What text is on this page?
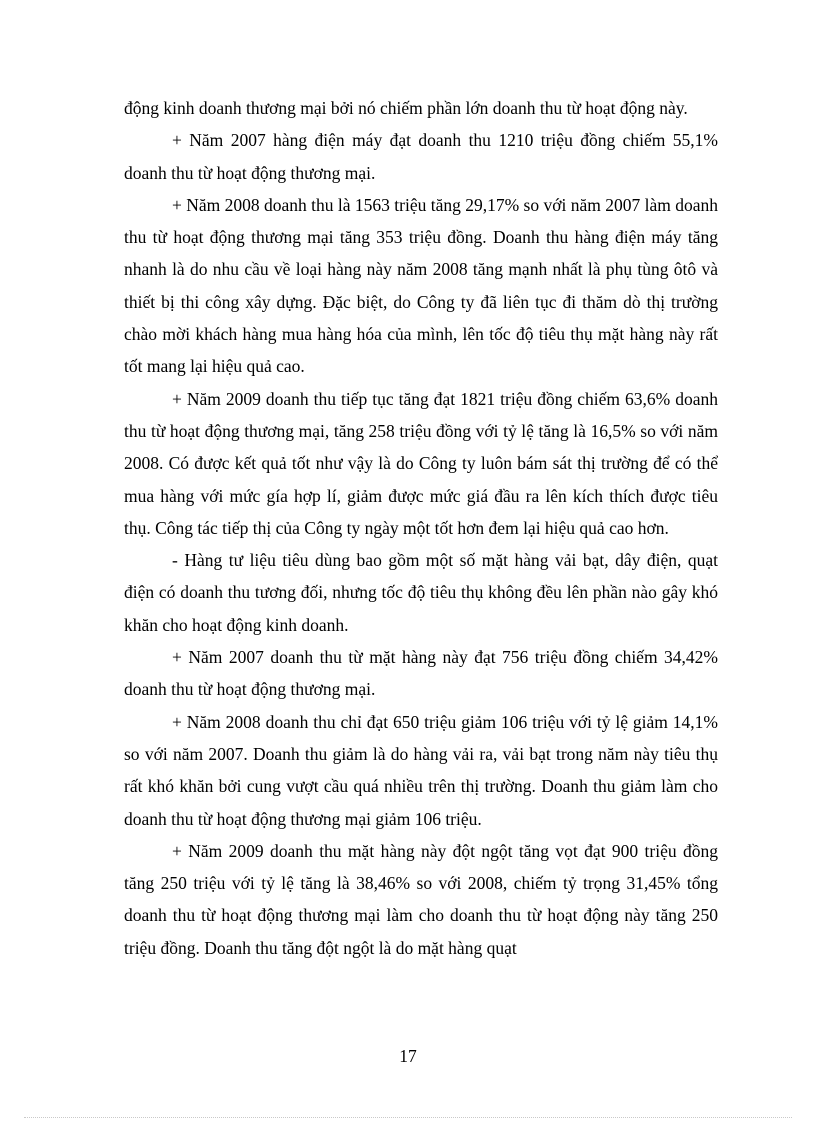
động kinh doanh thương mại bởi nó chiếm phần lớn doanh thu từ hoạt động này.

+ Năm 2007 hàng điện máy đạt doanh thu 1210 triệu đồng chiếm 55,1% doanh thu từ hoạt động thương mại.

+ Năm 2008 doanh thu là 1563 triệu tăng 29,17% so với năm 2007 làm doanh thu từ hoạt động thương mại tăng 353 triệu đồng. Doanh thu hàng điện máy tăng nhanh là do nhu cầu về loại hàng này năm 2008 tăng mạnh nhất là phụ tùng ôtô và thiết bị thi công xây dựng. Đặc biệt, do Công ty đã liên tục đi thăm dò thị trường chào mời khách hàng mua hàng hóa của mình, lên tốc độ tiêu thụ mặt hàng này rất tốt mang lại hiệu quả cao.

+ Năm 2009 doanh thu tiếp tục tăng đạt 1821 triệu đồng chiếm 63,6% doanh thu từ hoạt động thương mại, tăng 258 triệu đồng với tỷ lệ tăng là 16,5% so với năm 2008. Có được kết quả tốt như vậy là do Công ty luôn bám sát thị trường để có thể mua hàng với mức gía hợp lí, giảm được mức giá đầu ra lên kích thích được tiêu thụ. Công tác tiếp thị của Công ty ngày một tốt hơn đem lại hiệu quả cao hơn.

- Hàng tư liệu tiêu dùng bao gồm một số mặt hàng vải bạt, dây điện, quạt điện có doanh thu tương đối, nhưng tốc độ tiêu thụ không đều lên phần nào gây khó khăn cho hoạt động kinh doanh.

+ Năm 2007 doanh thu từ mặt hàng này đạt 756 triệu đồng chiếm 34,42% doanh thu từ hoạt động thương mại.

+ Năm 2008 doanh thu chỉ đạt 650 triệu giảm 106 triệu với tỷ lệ giảm 14,1% so với năm 2007. Doanh thu giảm là do hàng vải ra, vải bạt trong năm này tiêu thụ rất khó khăn bởi cung vượt cầu quá nhiều trên thị trường. Doanh thu giảm làm cho doanh thu từ hoạt động thương mại giảm 106 triệu.

+ Năm 2009 doanh thu mặt hàng này đột ngột tăng vọt đạt 900 triệu đồng tăng 250 triệu với tỷ lệ tăng là 38,46% so với 2008, chiếm tỷ trọng 31,45% tổng doanh thu từ hoạt động thương mại làm cho doanh thu từ hoạt động này tăng 250 triệu đồng. Doanh thu tăng đột ngột là do mặt hàng quạt

17
